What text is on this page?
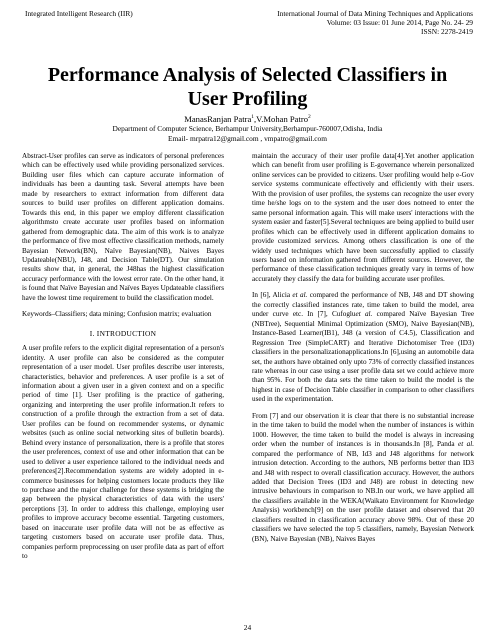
Integrated Intelligent Research (IIR)	International Journal of Data Mining Techniques and Applications
Volume: 03 Issue: 01 June 2014, Page No. 24- 29
ISSN: 2278-2419
Performance Analysis of Selected Classifiers in User Profiling
ManasRanjan Patra$^1$,V.Mohan Patro$^2$
Department of Computer Science, Berhampur University,Berhampur-760007,Odisha, India
Email- mrpatra12@gmail.com , vmpatro@gmail.com

Abstract-User profiles can serve as indicators of personal preferences which can be effectively used while providing personalized services. Building user files which can capture accurate information of individuals has been a daunting task. Several attempts have been made by researchers to extract information from different data sources to build user profiles on different application domains. Towards this end, in this paper we employ different classification algorithmsto create accurate user profiles based on information gathered from demographic data. The aim of this work is to analyze the performance of five most effective classification methods, namely Bayesian Network(BN), Naïve Bayesian(NB), Naives Bayes Updateable(NBU), J48, and Decision Table(DT). Our simulation results show that, in general, the J48has the highest classification accuracy performance with the lowest error rate. On the other hand, it is found that Naïve Bayesian and Naïves Bayes Updateable classifiers have the lowest time requirement to build the classification model.

Keywords–Classifiers; data mining; Confusion matrix; evaluation

I. INTRODUCTION

A user profile refers to the explicit digital representation of a person's identity. A user profile can also be considered as the computer representation of a user model. User profiles describe user interests, characteristics, behavior and preferences. A user profile is a set of information about a given user in a given context and on a specific period of time [1]. User profiling is the practice of gathering, organizing and interpreting the user profile information.It refers to construction of a profile through the extraction from a set of data. User profiles can be found on recommender systems, or dynamic websites (such as online social networking sites of bulletin boards). Behind every instance of personalization, there is a profile that stores the user preferences, context of use and other information that can be used to deliver a user experience tailored to the individual needs and preferences[2].Recommendation systems are widely adopted in e-commerce businesses for helping customers locate products they like to purchase and the major challenge for these systems is bridging the gap between the physical characteristics of data with the users' perceptions [3]. In order to address this challenge, employing user profiles to improve accuracy become essential. Targeting customers, based on inaccurate user profile data will not be as effective as targeting customers based on accurate user profile data. Thus, companies perform preprocessing on user profile data as part of effort to

maintain the accuracy of their user profile data[4].Yet another application which can benefit from user profiling is E-governance wherein personalized online services can be provided to citizens. User profiling would help e-Gov service systems communicate effectively and efficiently with their users. With the provision of user profiles, the systems can recognize the user every time he/she logs on to the system and the user does notneed to enter the same personal information again. This will make users' interactions with the system easier and faster[5].Several techniques are being applied to build user profiles which can be effectively used in different application domains to provide customized services. Among others classification is one of the widely used techniques which have been successfully applied to classify users based on information gathered from different sources. However, the performance of these classification techniques greatly vary in terms of how accurately they classify the data for building accurate user profiles.

In [6], Alicia et al. compared the performance of NB, J48 and DT showing the correctly classified instances rate, time taken to build the model, area under curve etc. In [7], Cufogluet al. compared Naïve Bayesian Tree (NBTree), Sequential Minimal Optimization (SMO), Naive Bayesian(NB), Instance-Based Learner(IB1), J48 (a version of C4.5), Classification and Regression Tree (SimpleCART) and Iterative Dichotomiser Tree (ID3) classifiers in the personalizationapplications.In [6],using an automobile data set, the authors have obtained only upto 73% of correctly classified instances rate whereas in our case using a user profile data set we could achieve more than 95%. For both the data sets the time taken to build the model is the highest in case of Decision Table classifier in comparison to other classifiers used in the experimentation.

From [7] and our observation it is clear that there is no substantial increase in the time taken to build the model when the number of instances is within 1000. However, the time taken to build the model is always in increasing order when the number of instances is in thousands.In [8], Panda et al. compared the performance of NB, Id3 and J48 algorithms for network intrusion detection. According to the authors, NB performs better than ID3 and J48 with respect to overall classification accuracy. However, the authors added that Decision Trees (ID3 and J48) are robust in detecting new intrusive behaviours in comparison to NB.In our work, we have applied all the classifiers available in the WEKA(Waikato Environment for Knowledge Analysis) workbench[9] on the user profile dataset and observed that 20 classifiers resulted in classification accuracy above 98%. Out of these 20 classifiers we have selected the top 5 classifiers, namely, Bayesian Network (BN), Naive Bayesian (NB), Naives Bayes

24
